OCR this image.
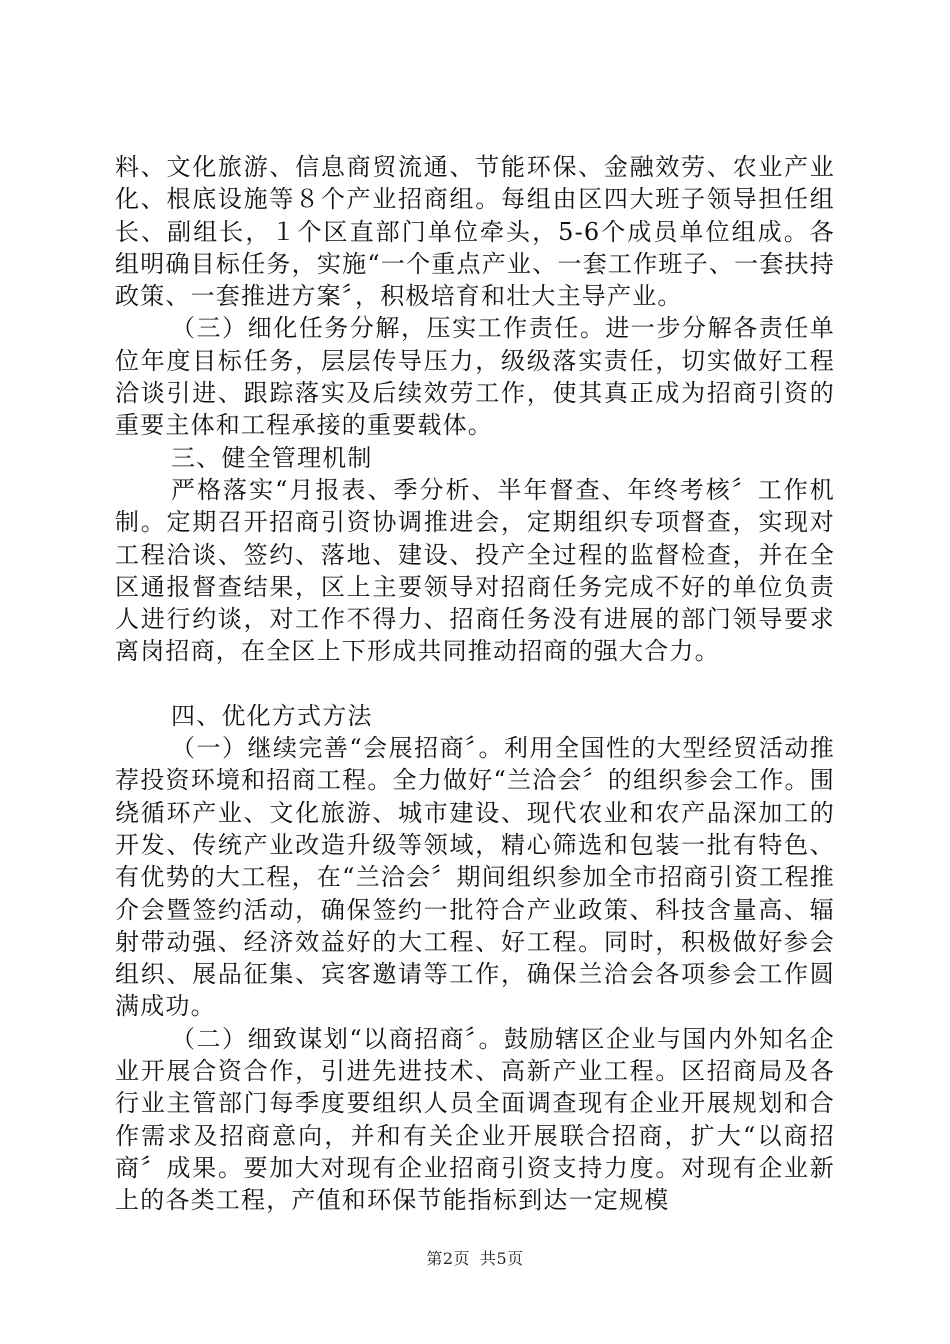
料、文化旅游、信息商贸流通、节能环保、金融效劳、农业产业化、根底设施等８个产业招商组。每组由区四大班子领导担任组长、副组长，１个区直部门单位牵头，5-6个成员单位组成。各组明确目标任务，实施“一个重点产业、一套工作班子、一套扶持政策、一套推进方案〞，积极培育和壮大主导产业。

（三）细化任务分解，压实工作责任。进一步分解各责任单位年度目标任务，层层传导压力，级级落实责任，切实做好工程洽谈引进、跟踪落实及后续效劳工作，使其真正成为招商引资的重要主体和工程承接的重要载体。

三、健全管理机制

严格落实“月报表、季分析、半年督查、年终考核〞工作机制。定期召开招商引资协调推进会，定期组织专项督查，实现对工程洽谈、签约、落地、建设、投产全过程的监督检查，并在全区通报督查结果，区上主要领导对招商任务完成不好的单位负责人进行约谈，对工作不得力、招商任务没有进展的部门领导要求离岗招商，在全区上下形成共同推动招商的强大合力。

四、优化方式方法

（一）继续完善“会展招商〞。利用全国性的大型经贸活动推荐投资环境和招商工程。全力做好“兰洽会〞的组织参会工作。围绕循环产业、文化旅游、城市建设、现代农业和农产品深加工的开发、传统产业改造升级等领域，精心筛选和包装一批有特色、有优势的大工程，在“兰洽会〞期间组织参加全市招商引资工程推介会暨签约活动，确保签约一批符合产业政策、科技含量高、辐射带动强、经济效益好的大工程、好工程。同时，积极做好参会组织、展品征集、宾客邀请等工作，确保兰洽会各项参会工作圆满成功。

（二）细致谋划“以商招商〞。鼓励辖区企业与国内外知名企业开展合资合作，引进先进技术、高新产业工程。区招商局及各行业主管部门每季度要组织人员全面调查现有企业开展规划和合作需求及招商意向，并和有关企业开展联合招商，扩大“以商招商〞成果。要加大对现有企业招商引资支持力度。对现有企业新上的各类工程，产值和环保节能指标到达一定规模

第2页 共5页
